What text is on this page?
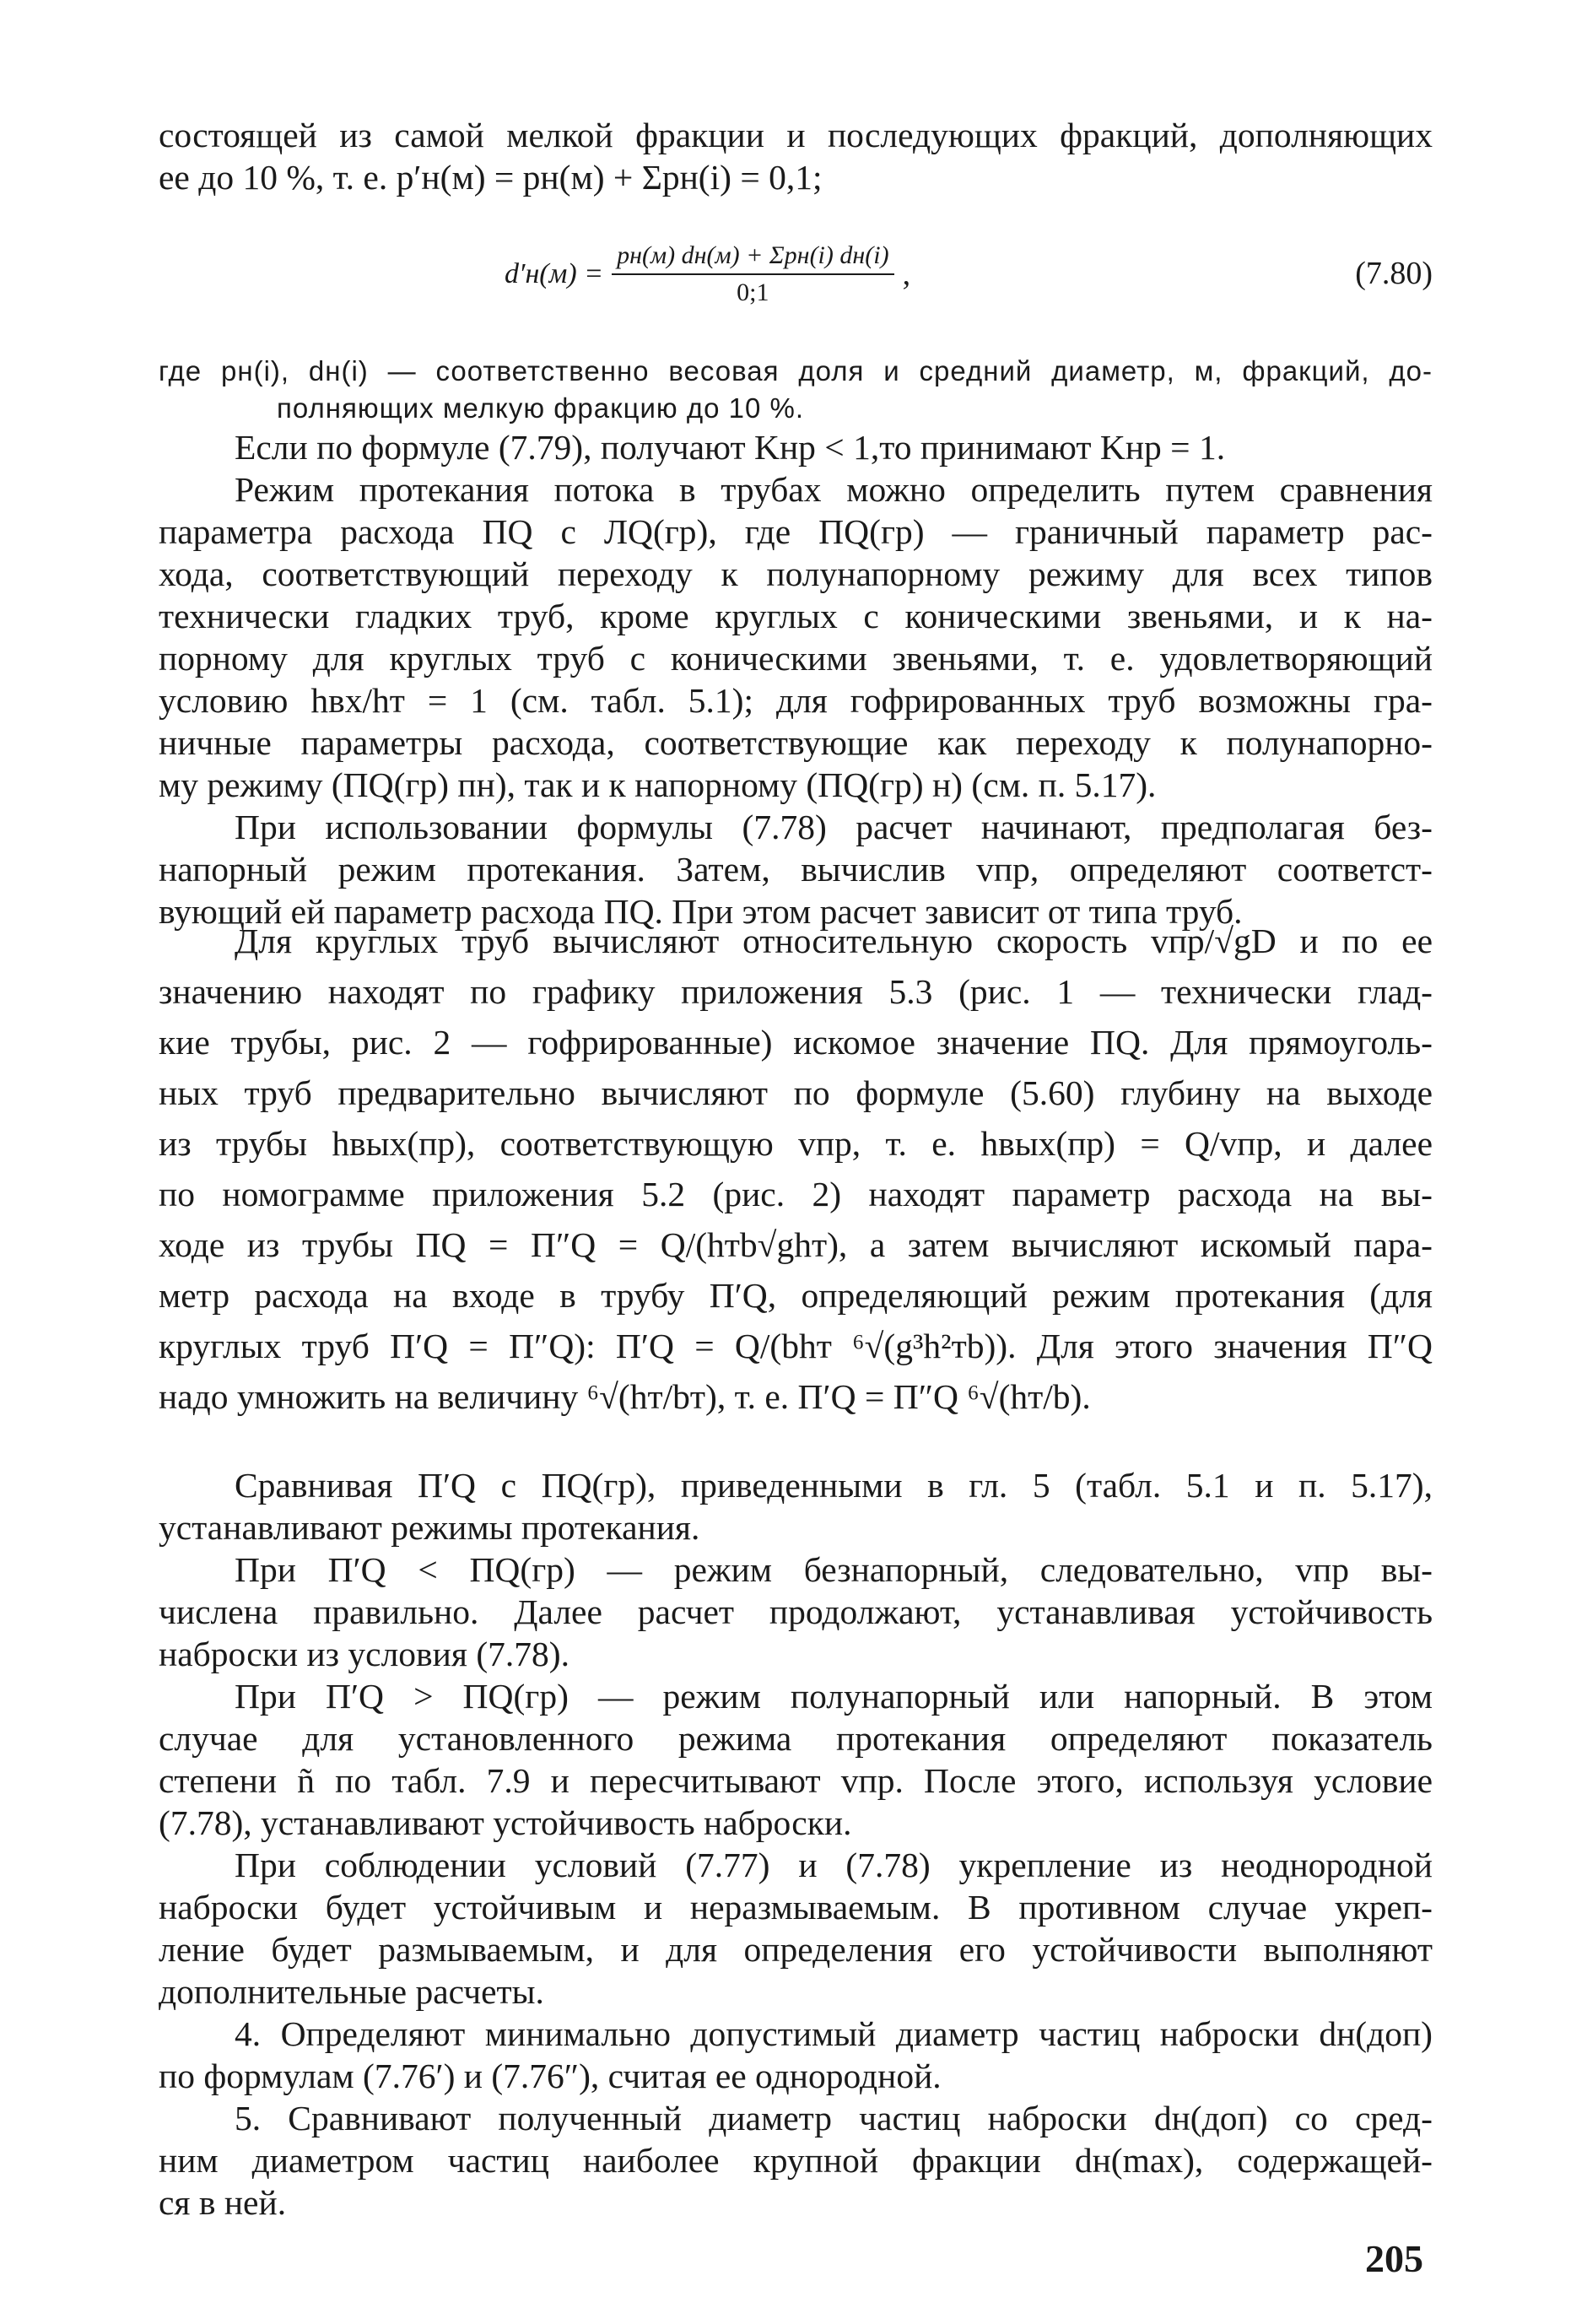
состоящей из самой мелкой фракции и последующих фракций, дополняющих
ее до 10 %, т. е. p′н(м) = pн(м) + Σpн(i) = 0,1;
$d'н(м) = \frac{\text{pн(м) dн(м) + Σpн(i) dн(i)}}{0;1}$ ,	(7.80)
где pн(i), dн(i) — соответственно весовая доля и средний диаметр, м, фракций, до-
полняющих мелкую фракцию до 10 %.
Если по формуле (7.79), получают Kнр < 1,то принимают Kнр = 1.
Режим протекания потока в трубах можно определить путем сравнения
параметра расхода ПQ с ЛQ(гр), где ПQ(гр) — граничный параметр рас-
хода, соответствующий переходу к полунапорному режиму для всех типов
технически гладких труб, кроме круглых с коническими звеньями, и к на-
порному для круглых труб с коническими звеньями, т. е. удовлетворяющий
условию hвх/hт = 1 (см. табл. 5.1); для гофрированных труб возможны гра-
ничные параметры расхода, соответствующие как переходу к полунапорно-
му режиму (ПQ(гр) пн), так и к напорному (ПQ(гр) н) (см. п. 5.17).
При использовании формулы (7.78) расчет начинают, предполагая без-
напорный режим протекания. Затем, вычислив vпр, определяют соответст-
вующий ей параметр расхода ПQ. При этом расчет зависит от типа труб.
Для круглых труб вычисляют относительную скорость vпр/√gD и по ее
значению находят по графику приложения 5.3 (рис. 1 — технически глад-
кие трубы, рис. 2 — гофрированные) искомое значение ПQ. Для прямоуголь-
ных труб предварительно вычисляют по формуле (5.60) глубину на выходе
из трубы hвых(пр), соответствующую vпр, т. е. hвых(пр) = Q/vпр, и далее
по номограмме приложения 5.2 (рис. 2) находят параметр расхода на вы-
ходе из трубы ПQ = П″Q = Q/(hтb√ghт), а затем вычисляют искомый пара-
метр расхода на входе в трубу П′Q, определяющий режим протекания (для
круглых труб П′Q = П″Q): П′Q = Q/(bhт ⁶√(g³h²тb)). Для этого значения П″Q
надо умножить на величину ⁶√(hт/bт), т. е. П′Q = П″Q ⁶√(hт/b).
Сравнивая П′Q с ПQ(гр), приведенными в гл. 5 (табл. 5.1 и п. 5.17),
устанавливают режимы протекания.
При П′Q < ПQ(гр) — режим безнапорный, следовательно, vпр вы-
числена правильно. Далее расчет продолжают, устанавливая устойчивость
наброски из условия (7.78).
При П′Q > ПQ(гр) — режим полунапорный или напорный. В этом
случае для установленного режима протекания определяют показатель
степени ñ по табл. 7.9 и пересчитывают vпр. После этого, используя условие
(7.78), устанавливают устойчивость наброски.
При соблюдении условий (7.77) и (7.78) укрепление из неоднородной
наброски будет устойчивым и неразмываемым. В противном случае укреп-
ление будет размываемым, и для определения его устойчивости выполняют
дополнительные расчеты.
4. Определяют минимально допустимый диаметр частиц наброски dн(доп)
по формулам (7.76′) и (7.76″), считая ее однородной.
5. Сравнивают полученный диаметр частиц наброски dн(доп) со сред-
ним диаметром частиц наиболее крупной фракции dн(max), содержащей-
ся в ней.
205
